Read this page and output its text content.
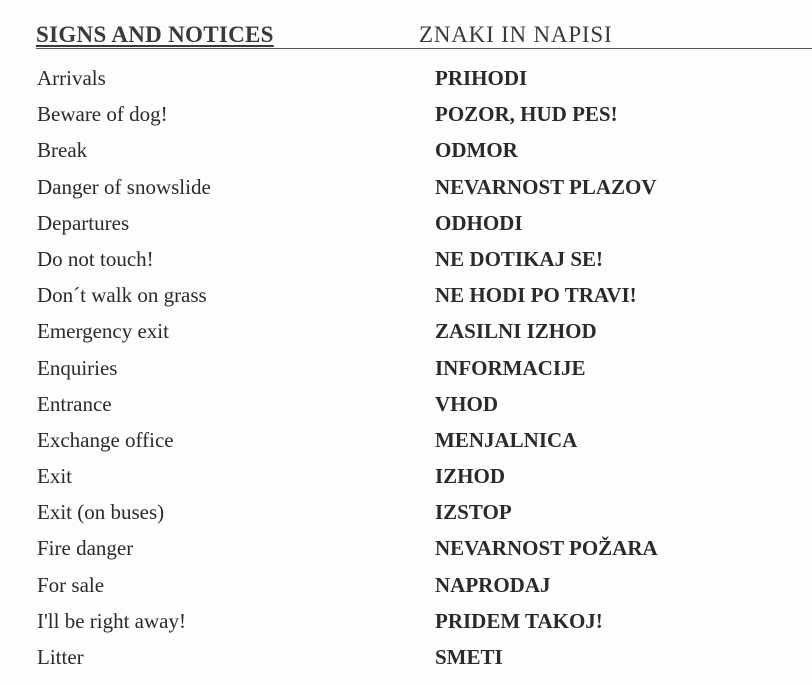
SIGNS AND NOTICES	ZNAKI IN NAPISI
Arrivals	PRIHODI
Beware of dog!	POZOR, HUD PES!
Break	ODMOR
Danger of snowslide	NEVARNOST PLAZOV
Departures	ODHODI
Do not touch!	NE DOTIKAJ SE!
Don´t walk on grass	NE HODI PO TRAVI!
Emergency exit	ZASILNI IZHOD
Enquiries	INFORMACIJE
Entrance	VHOD
Exchange office	MENJALNICA
Exit	IZHOD
Exit (on buses)	IZSTOP
Fire danger	NEVARNOST POŽARA
For sale	NAPRODAJ
I'll be right away!	PRIDEM TAKOJ!
Litter	SMETI
